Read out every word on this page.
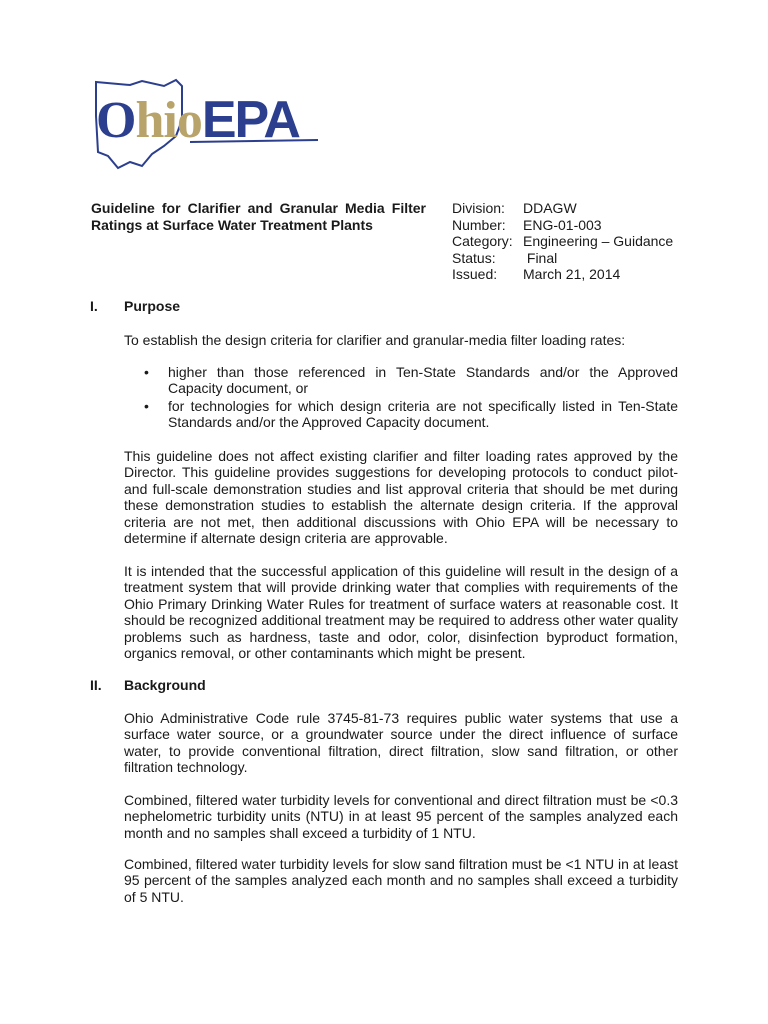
OhioEPA
Guideline for Clarifier and Granular Media Filter Ratings at Surface Water Treatment Plants
Division:	DDAGW
Number:	ENG-01-003
Category: Engineering – Guidance
Status:	Final
Issued:	March 21, 2014
I. Purpose

To establish the design criteria for clarifier and granular-media filter loading rates:

• higher than those referenced in Ten-State Standards and/or the Approved Capacity document, or
• for technologies for which design criteria are not specifically listed in Ten-State Standards and/or the Approved Capacity document.

This guideline does not affect existing clarifier and filter loading rates approved by the Director. This guideline provides suggestions for developing protocols to conduct pilot- and full-scale demonstration studies and list approval criteria that should be met during these demonstration studies to establish the alternate design criteria. If the approval criteria are not met, then additional discussions with Ohio EPA will be necessary to determine if alternate design criteria are approvable.

It is intended that the successful application of this guideline will result in the design of a treatment system that will provide drinking water that complies with requirements of the Ohio Primary Drinking Water Rules for treatment of surface waters at reasonable cost. It should be recognized additional treatment may be required to address other water quality problems such as hardness, taste and odor, color, disinfection byproduct formation, organics removal, or other contaminants which might be present.

II. Background

Ohio Administrative Code rule 3745-81-73 requires public water systems that use a surface water source, or a groundwater source under the direct influence of surface water, to provide conventional filtration, direct filtration, slow sand filtration, or other filtration technology.

Combined, filtered water turbidity levels for conventional and direct filtration must be <0.3 nephelometric turbidity units (NTU) in at least 95 percent of the samples analyzed each month and no samples shall exceed a turbidity of 1 NTU.

Combined, filtered water turbidity levels for slow sand filtration must be <1 NTU in at least 95 percent of the samples analyzed each month and no samples shall exceed a turbidity of 5 NTU.
